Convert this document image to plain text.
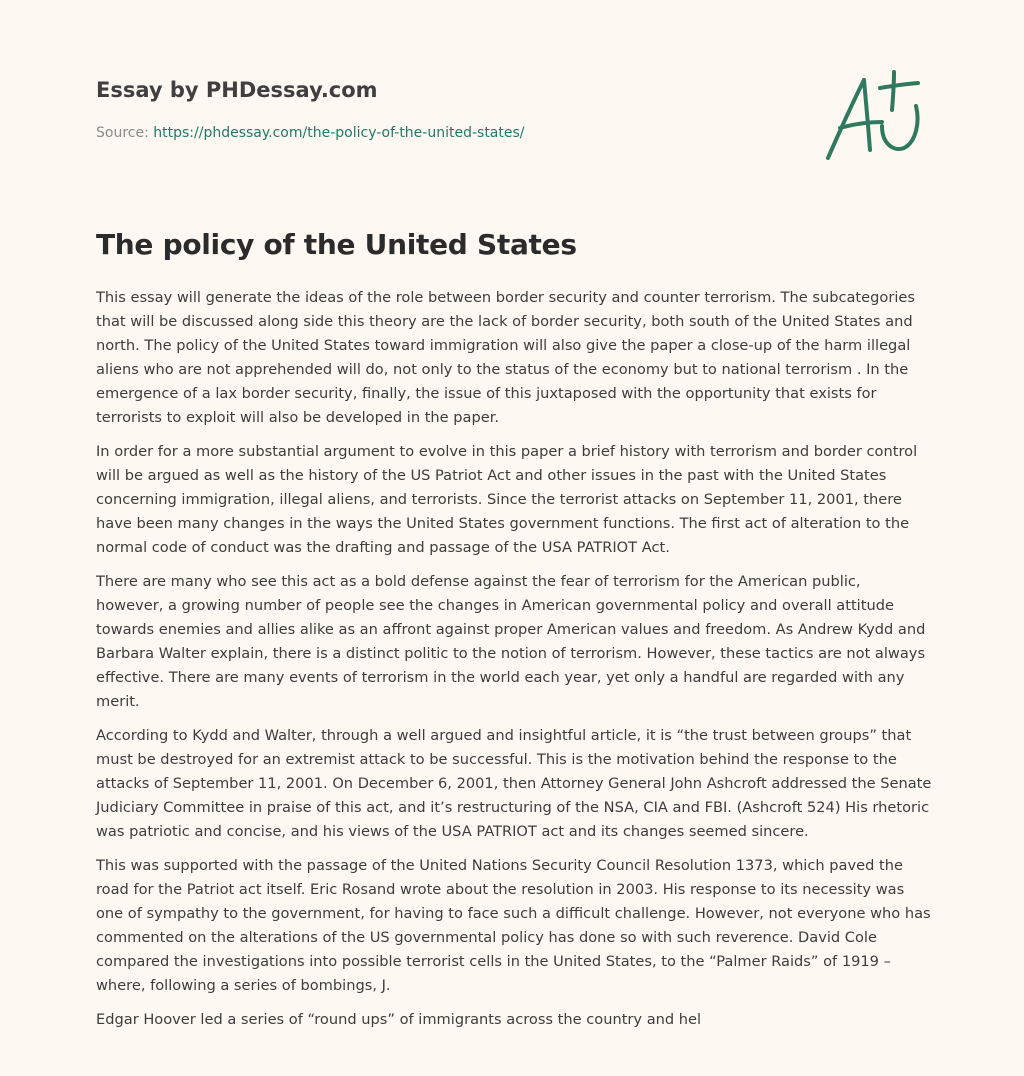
Essay by PHDessay.com
Source: https://phdessay.com/the-policy-of-the-united-states/
The policy of the United States

This essay will generate the ideas of the role between border security and counter terrorism. The subcategories that will be discussed along side this theory are the lack of border security, both south of the United States and north. The policy of the United States toward immigration will also give the paper a close-up of the harm illegal aliens who are not apprehended will do, not only to the status of the economy but to national terrorism . In the emergence of a lax border security, finally, the issue of this juxtaposed with the opportunity that exists for terrorists to exploit will also be developed in the paper.

In order for a more substantial argument to evolve in this paper a brief history with terrorism and border control will be argued as well as the history of the US Patriot Act and other issues in the past with the United States concerning immigration, illegal aliens, and terrorists. Since the terrorist attacks on September 11, 2001, there have been many changes in the ways the United States government functions. The first act of alteration to the normal code of conduct was the drafting and passage of the USA PATRIOT Act.

There are many who see this act as a bold defense against the fear of terrorism for the American public, however, a growing number of people see the changes in American governmental policy and overall attitude towards enemies and allies alike as an affront against proper American values and freedom. As Andrew Kydd and Barbara Walter explain, there is a distinct politic to the notion of terrorism. However, these tactics are not always effective. There are many events of terrorism in the world each year, yet only a handful are regarded with any merit.

According to Kydd and Walter, through a well argued and insightful article, it is “the trust between groups” that must be destroyed for an extremist attack to be successful. This is the motivation behind the response to the attacks of September 11, 2001. On December 6, 2001, then Attorney General John Ashcroft addressed the Senate Judiciary Committee in praise of this act, and it’s restructuring of the NSA, CIA and FBI. (Ashcroft 524) His rhetoric was patriotic and concise, and his views of the USA PATRIOT act and its changes seemed sincere.

This was supported with the passage of the United Nations Security Council Resolution 1373, which paved the road for the Patriot act itself. Eric Rosand wrote about the resolution in 2003. His response to its necessity was one of sympathy to the government, for having to face such a difficult challenge. However, not everyone who has commented on the alterations of the US governmental policy has done so with such reverence. David Cole compared the investigations into possible terrorist cells in the United States, to the “Palmer Raids” of 1919 – where, following a series of bombings, J.

Edgar Hoover led a series of “round ups” of immigrants across the country and hel
